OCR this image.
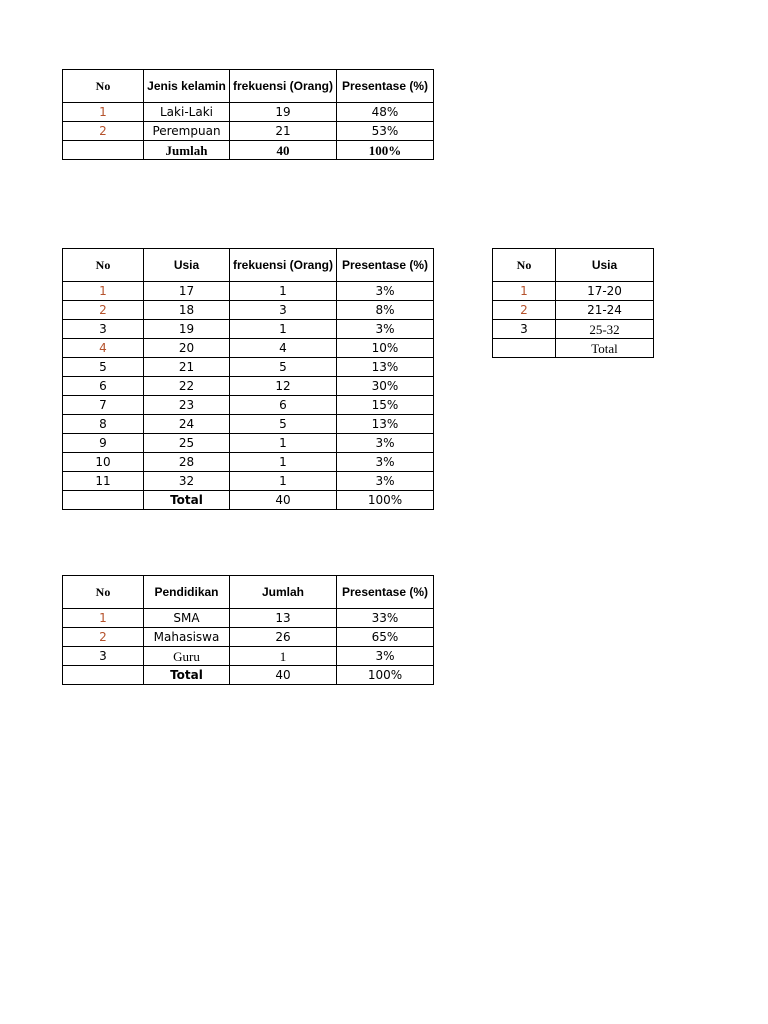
No	Jenis kelamin	frekuensi (Orang)	Presentase (%)
1	Laki-Laki	19	48%
2	Perempuan	21	53%
	Jumlah	40	100%
No	Usia	frekuensi (Orang)	Presentase (%)
1	17	1	3%
2	18	3	8%
3	19	1	3%
4	20	4	10%
5	21	5	13%
6	22	12	30%
7	23	6	15%
8	24	5	13%
9	25	1	3%
10	28	1	3%
11	32	1	3%
	Total	40	100%
No	Usia
1	17-20
2	21-24
3	25-32
	Total
No	Pendidikan	Jumlah	Presentase (%)
1	SMA	13	33%
2	Mahasiswa	26	65%
3	Guru	1	3%
	Total	40	100%
